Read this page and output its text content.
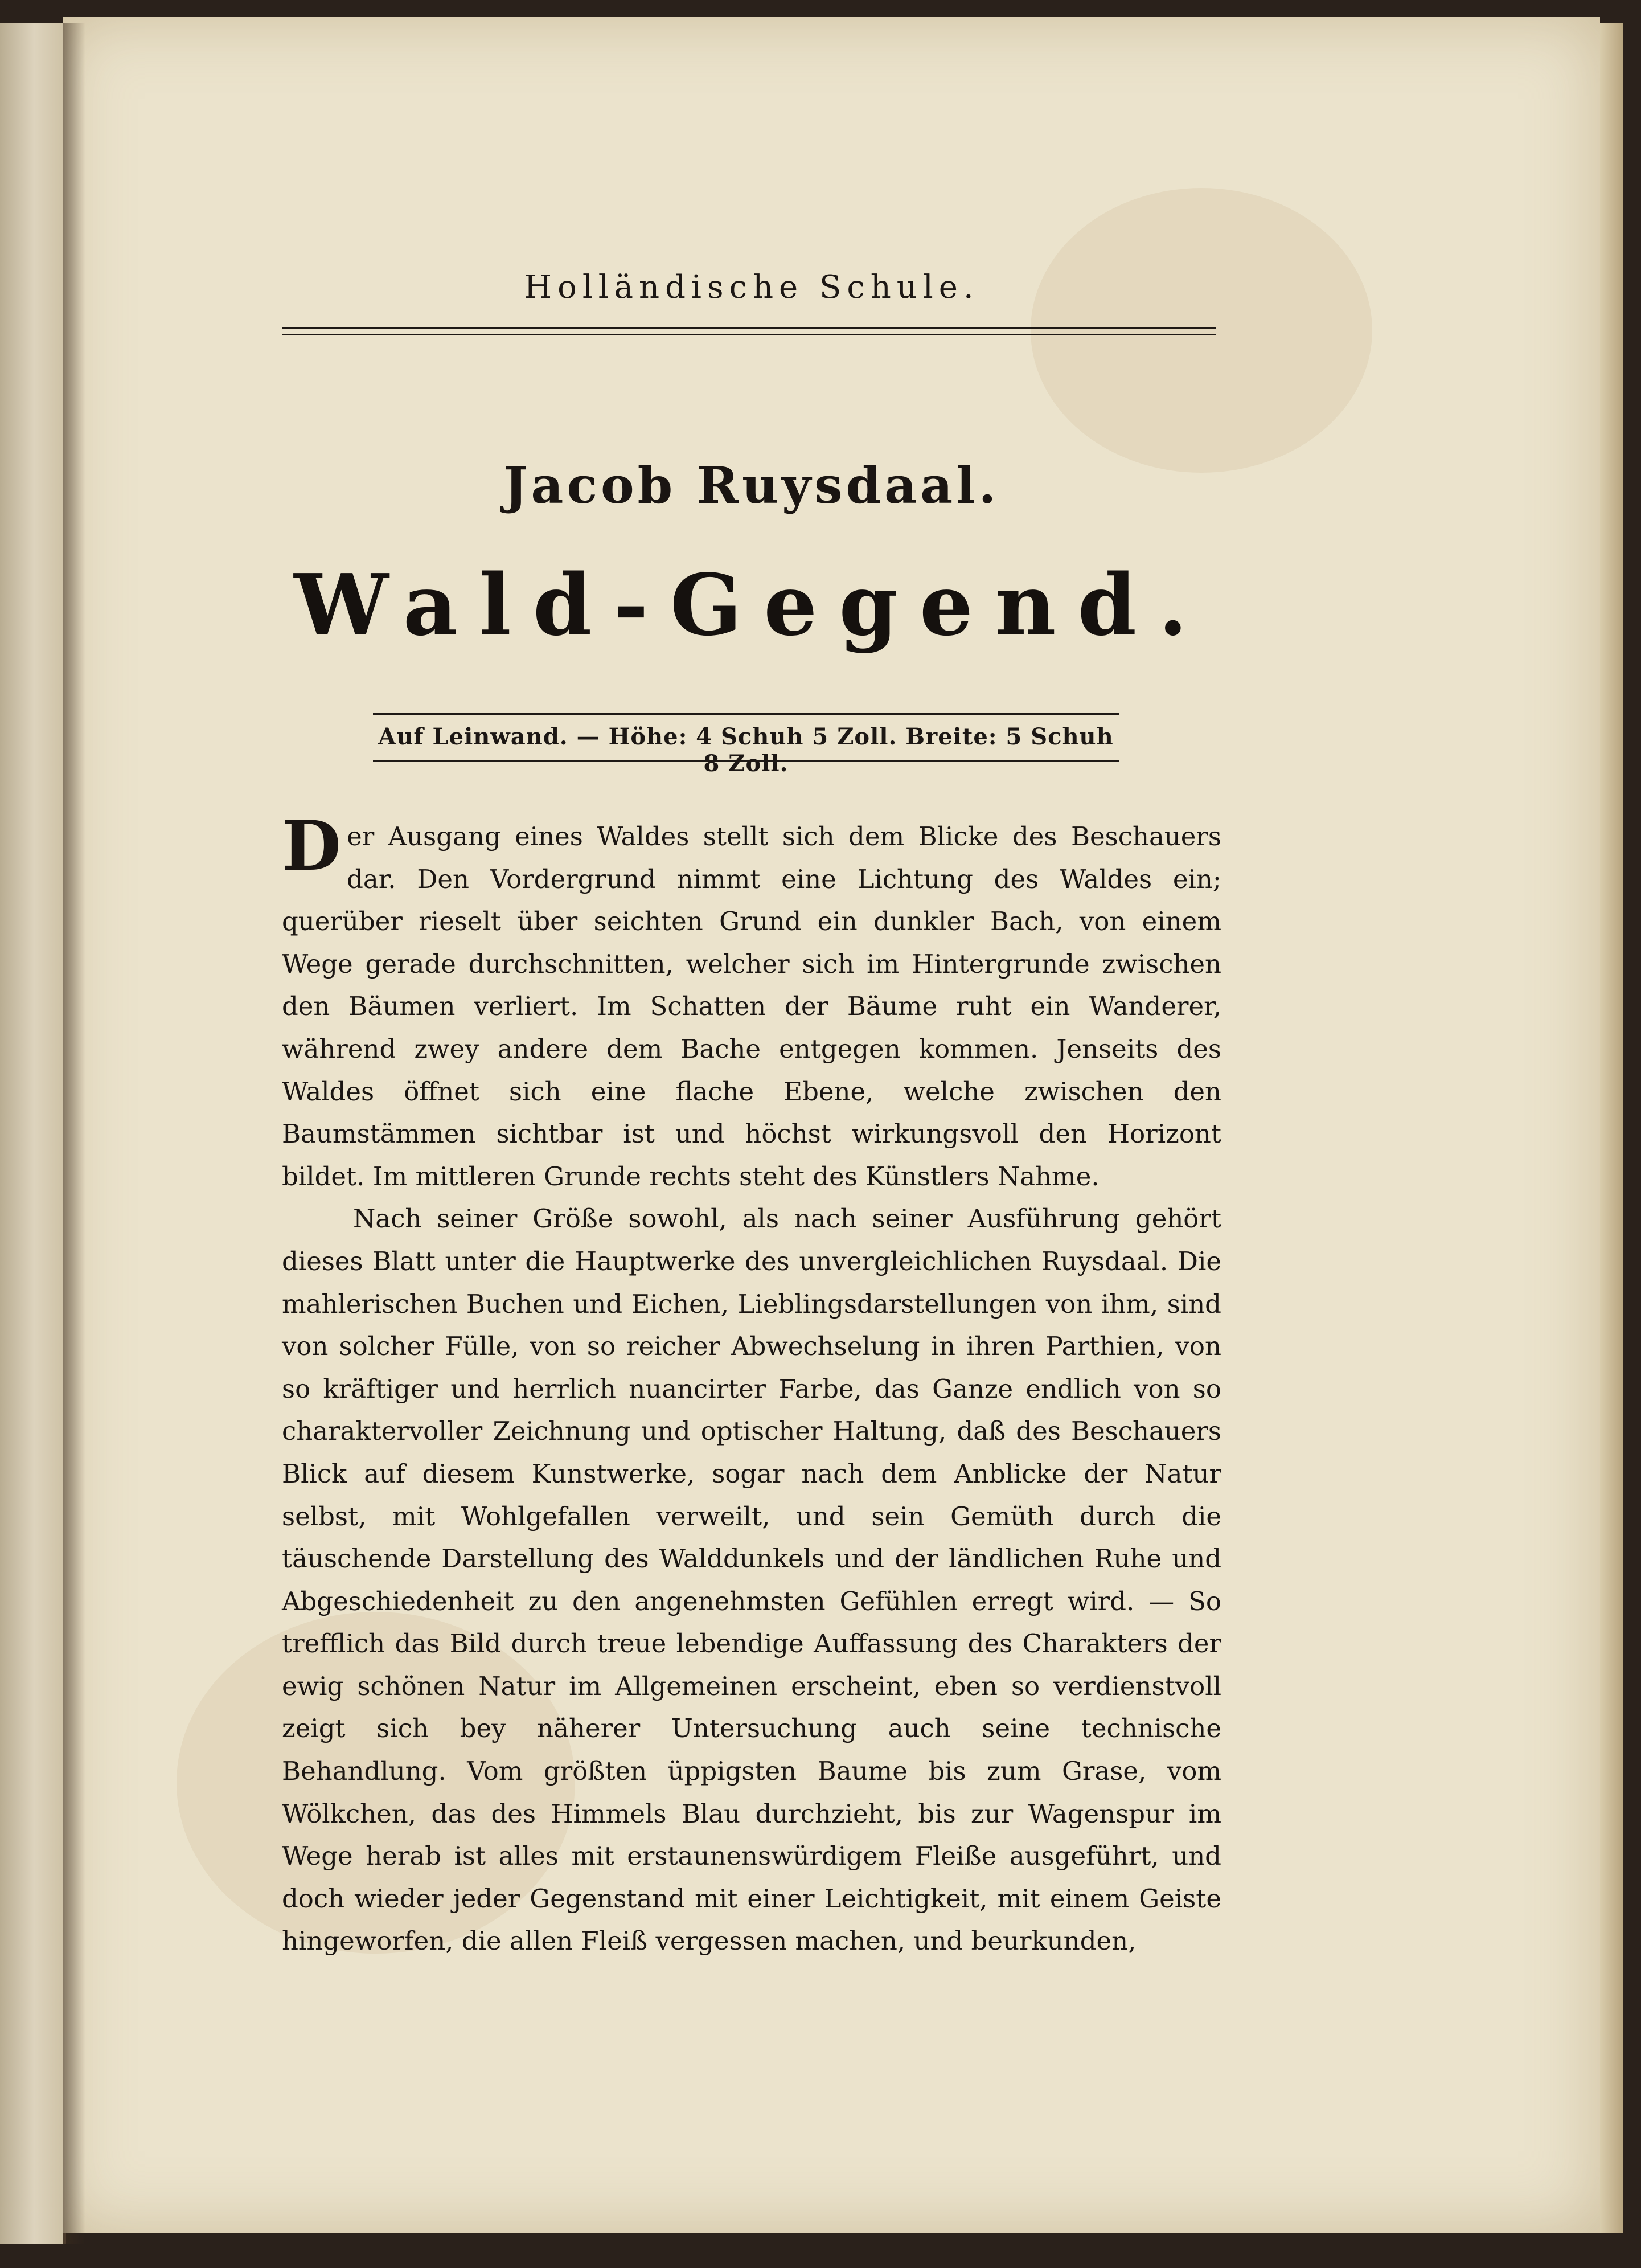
Holländische Schule.
Jacob Ruysdaal.
Wald-Gegend.
Auf Leinwand. — Höhe: 4 Schuh 5 Zoll. Breite: 5 Schuh 8 Zoll.

Der Ausgang eines Waldes stellt sich dem Blicke des Beschauers dar. Den Vordergrund nimmt eine Lichtung des Waldes ein; querüber rieselt über seichten Grund ein dunkler Bach, von einem Wege gerade durchschnitten, welcher sich im Hintergrunde zwischen den Bäumen verliert. Im Schatten der Bäume ruht ein Wanderer, während zwey andere dem Bache entgegen kommen. Jenseits des Waldes öffnet sich eine flache Ebene, welche zwischen den Baumstämmen sichtbar ist und höchst wirkungsvoll den Horizont bildet. Im mittleren Grunde rechts steht des Künstlers Nahme.

Nach seiner Größe sowohl, als nach seiner Ausführung gehört dieses Blatt unter die Hauptwerke des unvergleichlichen Ruysdaal. Die mahlerischen Buchen und Eichen, Lieblingsdarstellungen von ihm, sind von solcher Fülle, von so reicher Abwechselung in ihren Parthien, von so kräftiger und herrlich nuancirter Farbe, das Ganze endlich von so charaktervoller Zeichnung und optischer Haltung, daß des Beschauers Blick auf diesem Kunstwerke, sogar nach dem Anblicke der Natur selbst, mit Wohlgefallen verweilt, und sein Gemüth durch die täuschende Darstellung des Walddunkels und der ländlichen Ruhe und Abgeschiedenheit zu den angenehmsten Gefühlen erregt wird. — So trefflich das Bild durch treue lebendige Auffassung des Charakters der ewig schönen Natur im Allgemeinen erscheint, eben so verdienstvoll zeigt sich bey näherer Untersuchung auch seine technische Behandlung. Vom größten üppigsten Baume bis zum Grase, vom Wölkchen, das des Himmels Blau durchzieht, bis zur Wagenspur im Wege herab ist alles mit erstaunenswürdigem Fleiße ausgeführt, und doch wieder jeder Gegenstand mit einer Leichtigkeit, mit einem Geiste hingeworfen, die allen Fleiß vergessen machen, und beurkunden,
